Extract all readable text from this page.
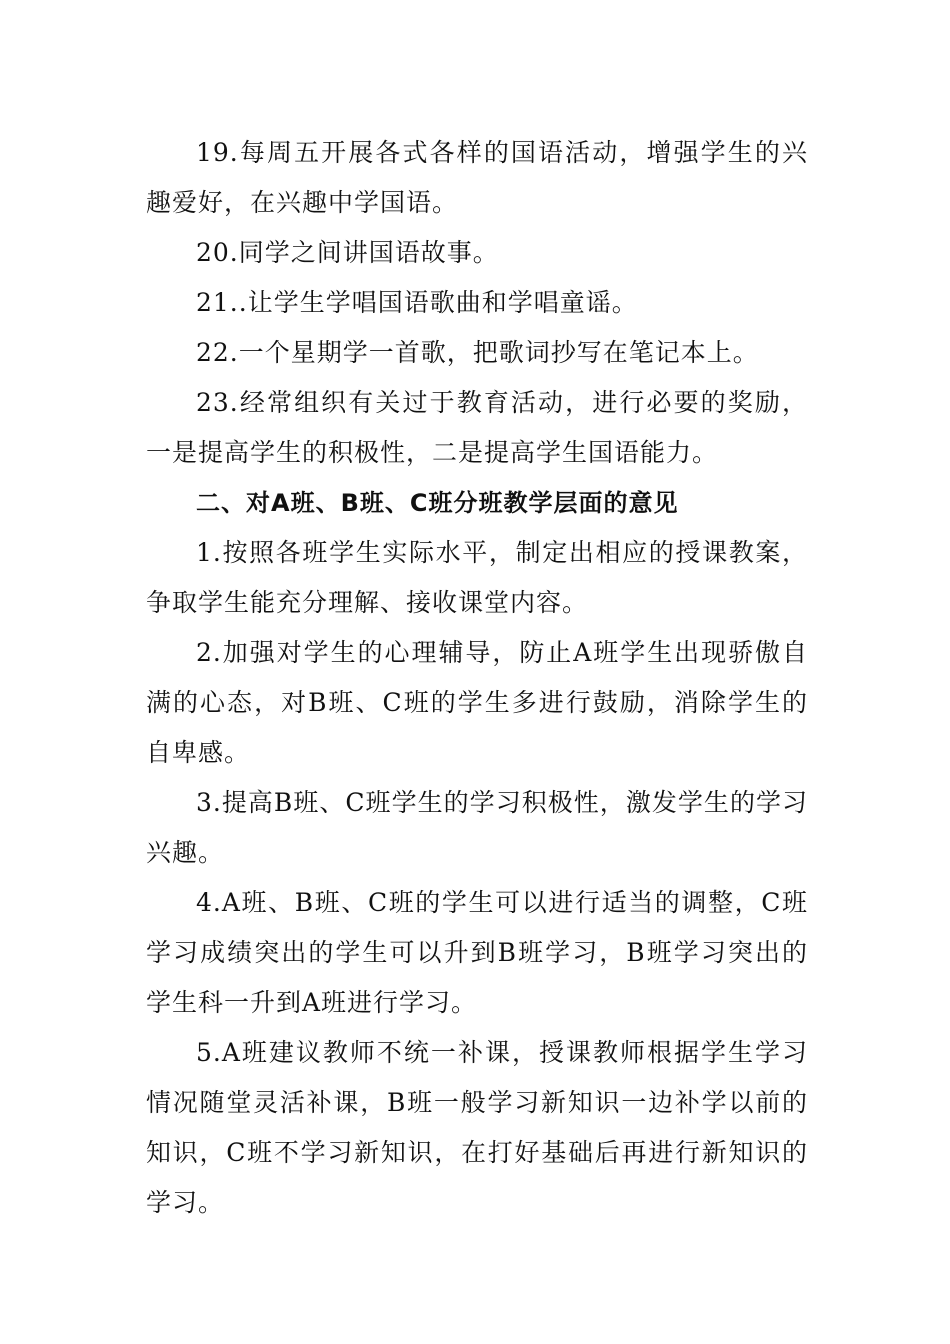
19.每周五开展各式各样的国语活动，增强学生的兴趣爱好，在兴趣中学国语。

20.同学之间讲国语故事。

21..让学生学唱国语歌曲和学唱童谣。

22.一个星期学一首歌，把歌词抄写在笔记本上。

23.经常组织有关过于教育活动，进行必要的奖励，一是提高学生的积极性，二是提高学生国语能力。

二、对A班、B班、C班分班教学层面的意见

1.按照各班学生实际水平，制定出相应的授课教案，争取学生能充分理解、接收课堂内容。

2.加强对学生的心理辅导，防止A班学生出现骄傲自满的心态，对B班、C班的学生多进行鼓励，消除学生的自卑感。

3.提高B班、C班学生的学习积极性，激发学生的学习兴趣。

4.A班、B班、C班的学生可以进行适当的调整，C班学习成绩突出的学生可以升到B班学习，B班学习突出的学生科一升到A班进行学习。

5.A班建议教师不统一补课，授课教师根据学生学习情况随堂灵活补课，B班一般学习新知识一边补学以前的知识，C班不学习新知识，在打好基础后再进行新知识的学习。
